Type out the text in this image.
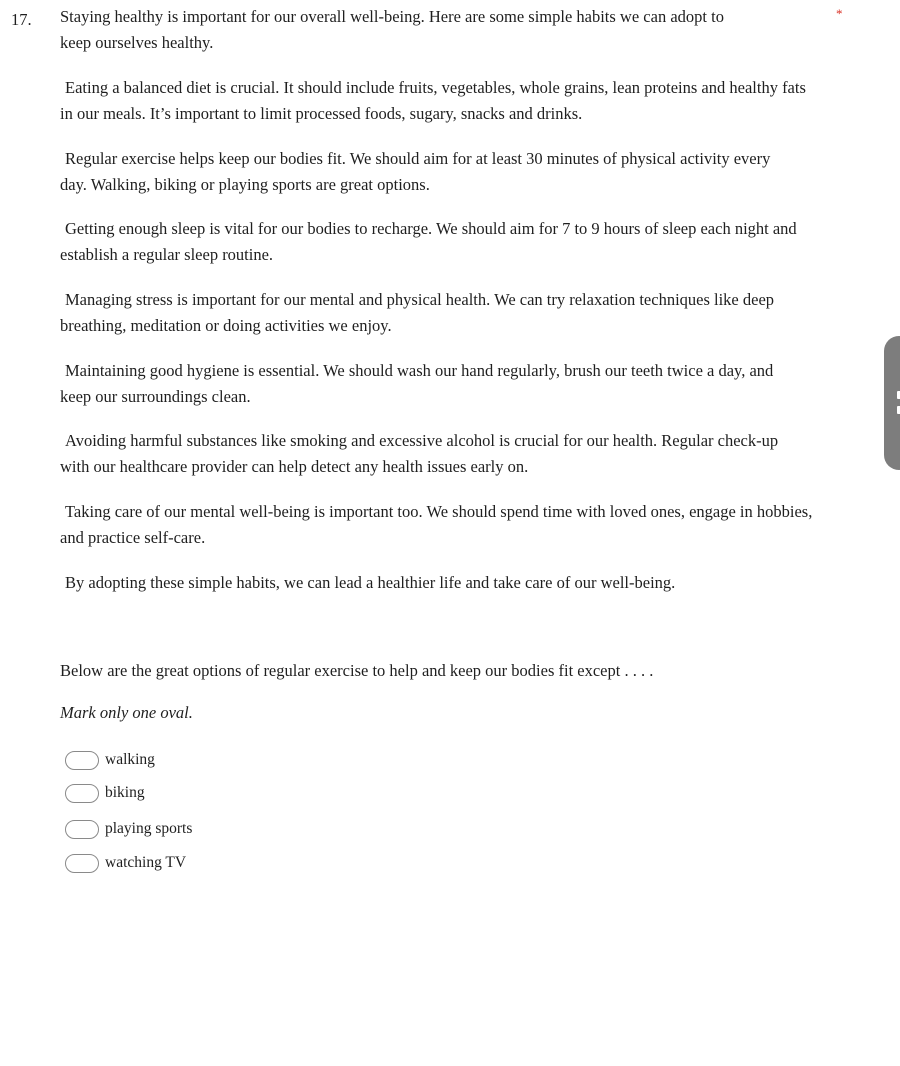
17.	*

Staying healthy is important for our overall well-being. Here are some simple habits we can adopt to keep ourselves healthy.

Eating a balanced diet is crucial. It should include fruits, vegetables, whole grains, lean proteins and healthy fats in our meals. It’s important to limit processed foods, sugary, snacks and drinks.

Regular exercise helps keep our bodies fit. We should aim for at least 30 minutes of physical activity every day. Walking, biking or playing sports are great options.

Getting enough sleep is vital for our bodies to recharge. We should aim for 7 to 9 hours of sleep each night and establish a regular sleep routine.

Managing stress is important for our mental and physical health. We can try relaxation techniques like deep breathing, meditation or doing activities we enjoy.

Maintaining good hygiene is essential. We should wash our hand regularly, brush our teeth twice a day, and keep our surroundings clean.

Avoiding harmful substances like smoking and excessive alcohol is crucial for our health. Regular check-up with our healthcare provider can help detect any health issues early on.

Taking care of our mental well-being is important too. We should spend time with loved ones, engage in hobbies, and practice self-care.

By adopting these simple habits, we can lead a healthier life and take care of our well-being.

Below are the great options of regular exercise to help and keep our bodies fit except . . . .

Mark only one oval.

walking
biking
playing sports
watching TV
